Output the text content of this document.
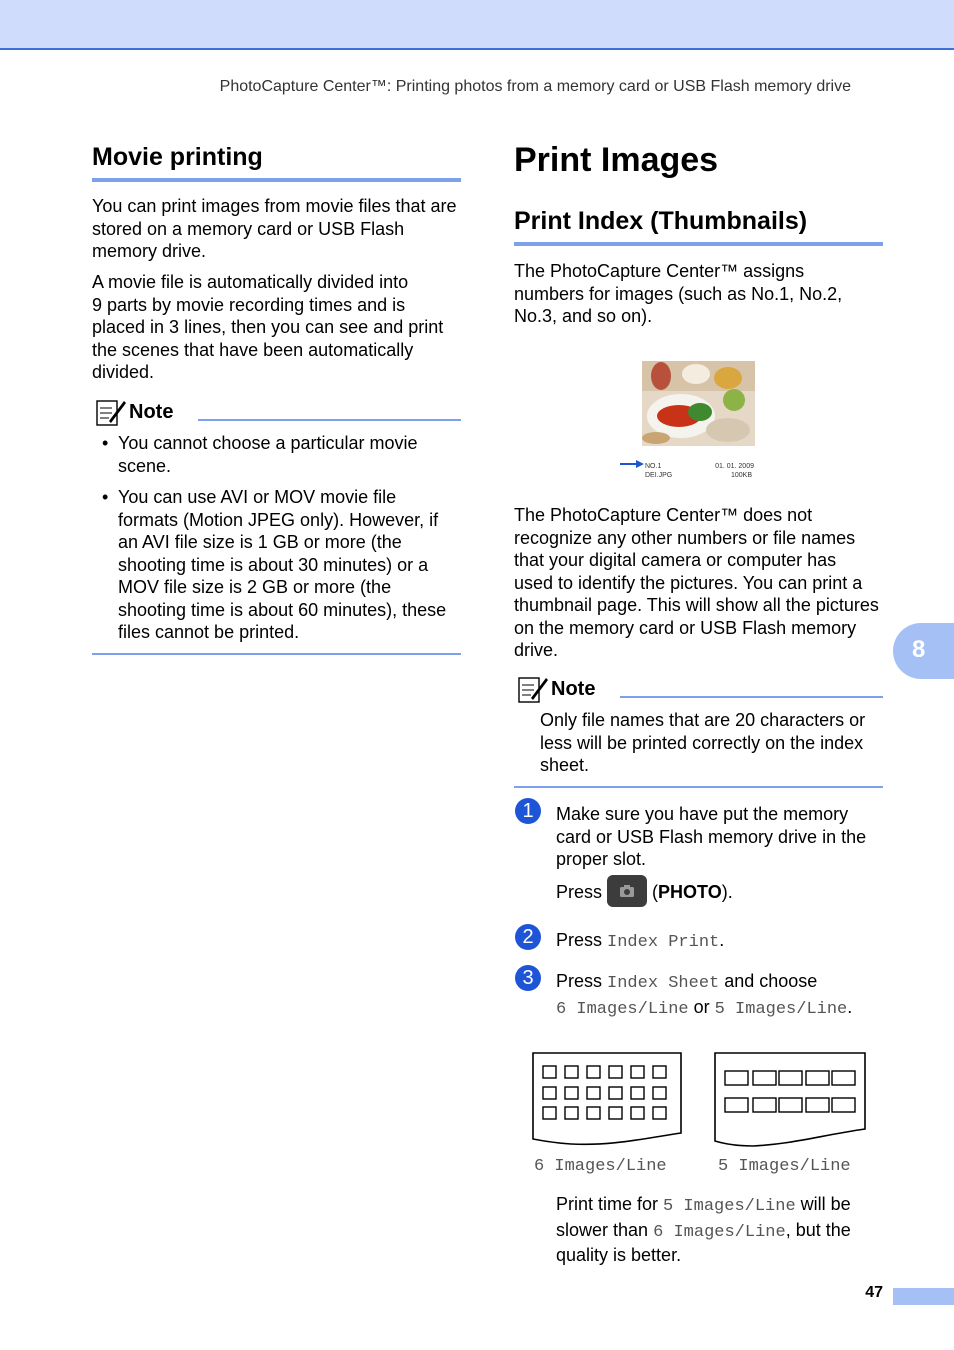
PhotoCapture Center™: Printing photos from a memory card or USB Flash memory drive
Movie printing
You can print images from movie files that are
stored on a memory card or USB Flash
memory drive.
A movie file is automatically divided into
9 parts by movie recording times and is
placed in 3 lines, then you can see and print
the scenes that have been automatically
divided.
Note
• You cannot choose a particular movie
scene.
• You can use AVI or MOV movie file
formats (Motion JPEG only). However, if
an AVI file size is 1 GB or more (the
shooting time is about 30 minutes) or a
MOV file size is 2 GB or more (the
shooting time is about 60 minutes), these
files cannot be printed.
Print Images
Print Index (Thumbnails)
The PhotoCapture Center™ assigns
numbers for images (such as No.1, No.2,
No.3, and so on).
NO.1
DEI.JPG
01. 01. 2009
100KB
The PhotoCapture Center™ does not
recognize any other numbers or file names
that your digital camera or computer has
used to identify the pictures. You can print a
thumbnail page. This will show all the pictures
on the memory card or USB Flash memory
drive.
Note
Only file names that are 20 characters or
less will be printed correctly on the index
sheet.
1	Make sure you have put the memory
card or USB Flash memory drive in the
proper slot.
Press	(PHOTO).
2	Press Index Print.
3	Press Index Sheet and choose
6 Images/Line or 5 Images/Line.
6 Images/Line	5 Images/Line
Print time for 5 Images/Line will be
slower than 6 Images/Line, but the
quality is better.
8
47
